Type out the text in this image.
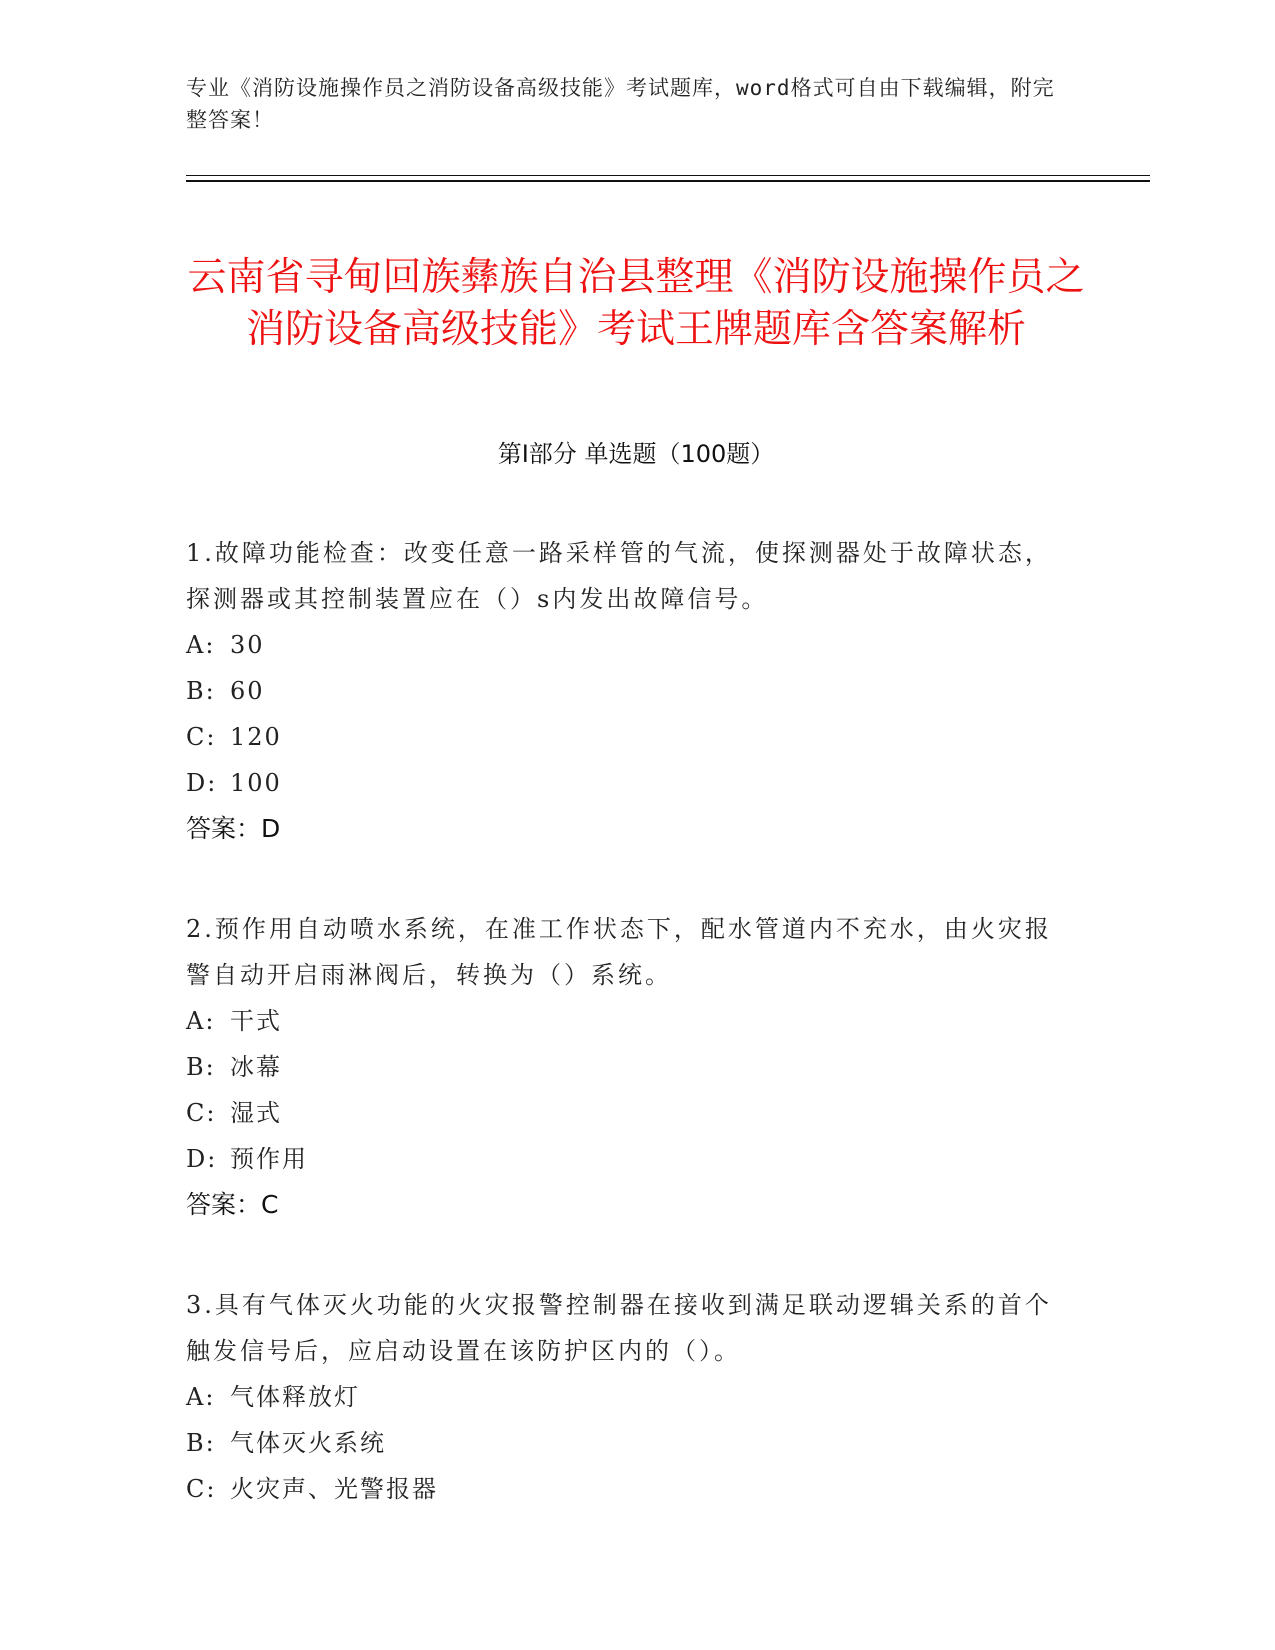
专业《消防设施操作员之消防设备高级技能》考试题库，word格式可自由下载编辑，附完整答案！
云南省寻甸回族彝族自治县整理《消防设施操作员之消防设备高级技能》考试王牌题库含答案解析
第Ⅰ部分 单选题（100题）

1.故障功能检查：改变任意一路采样管的气流，使探测器处于故障状态，探测器或其控制装置应在（）s内发出故障信号。

A: 30

B: 60

C: 120

D: 100

答案：D

2.预作用自动喷水系统，在准工作状态下，配水管道内不充水，由火灾报警自动开启雨淋阀后，转换为（）系统。

A: 干式

B: 冰幕

C: 湿式

D: 预作用

答案：C

3.具有气体灭火功能的火灾报警控制器在接收到满足联动逻辑关系的首个触发信号后，应启动设置在该防护区内的（）。

A: 气体释放灯

B: 气体灭火系统

C: 火灾声、光警报器
